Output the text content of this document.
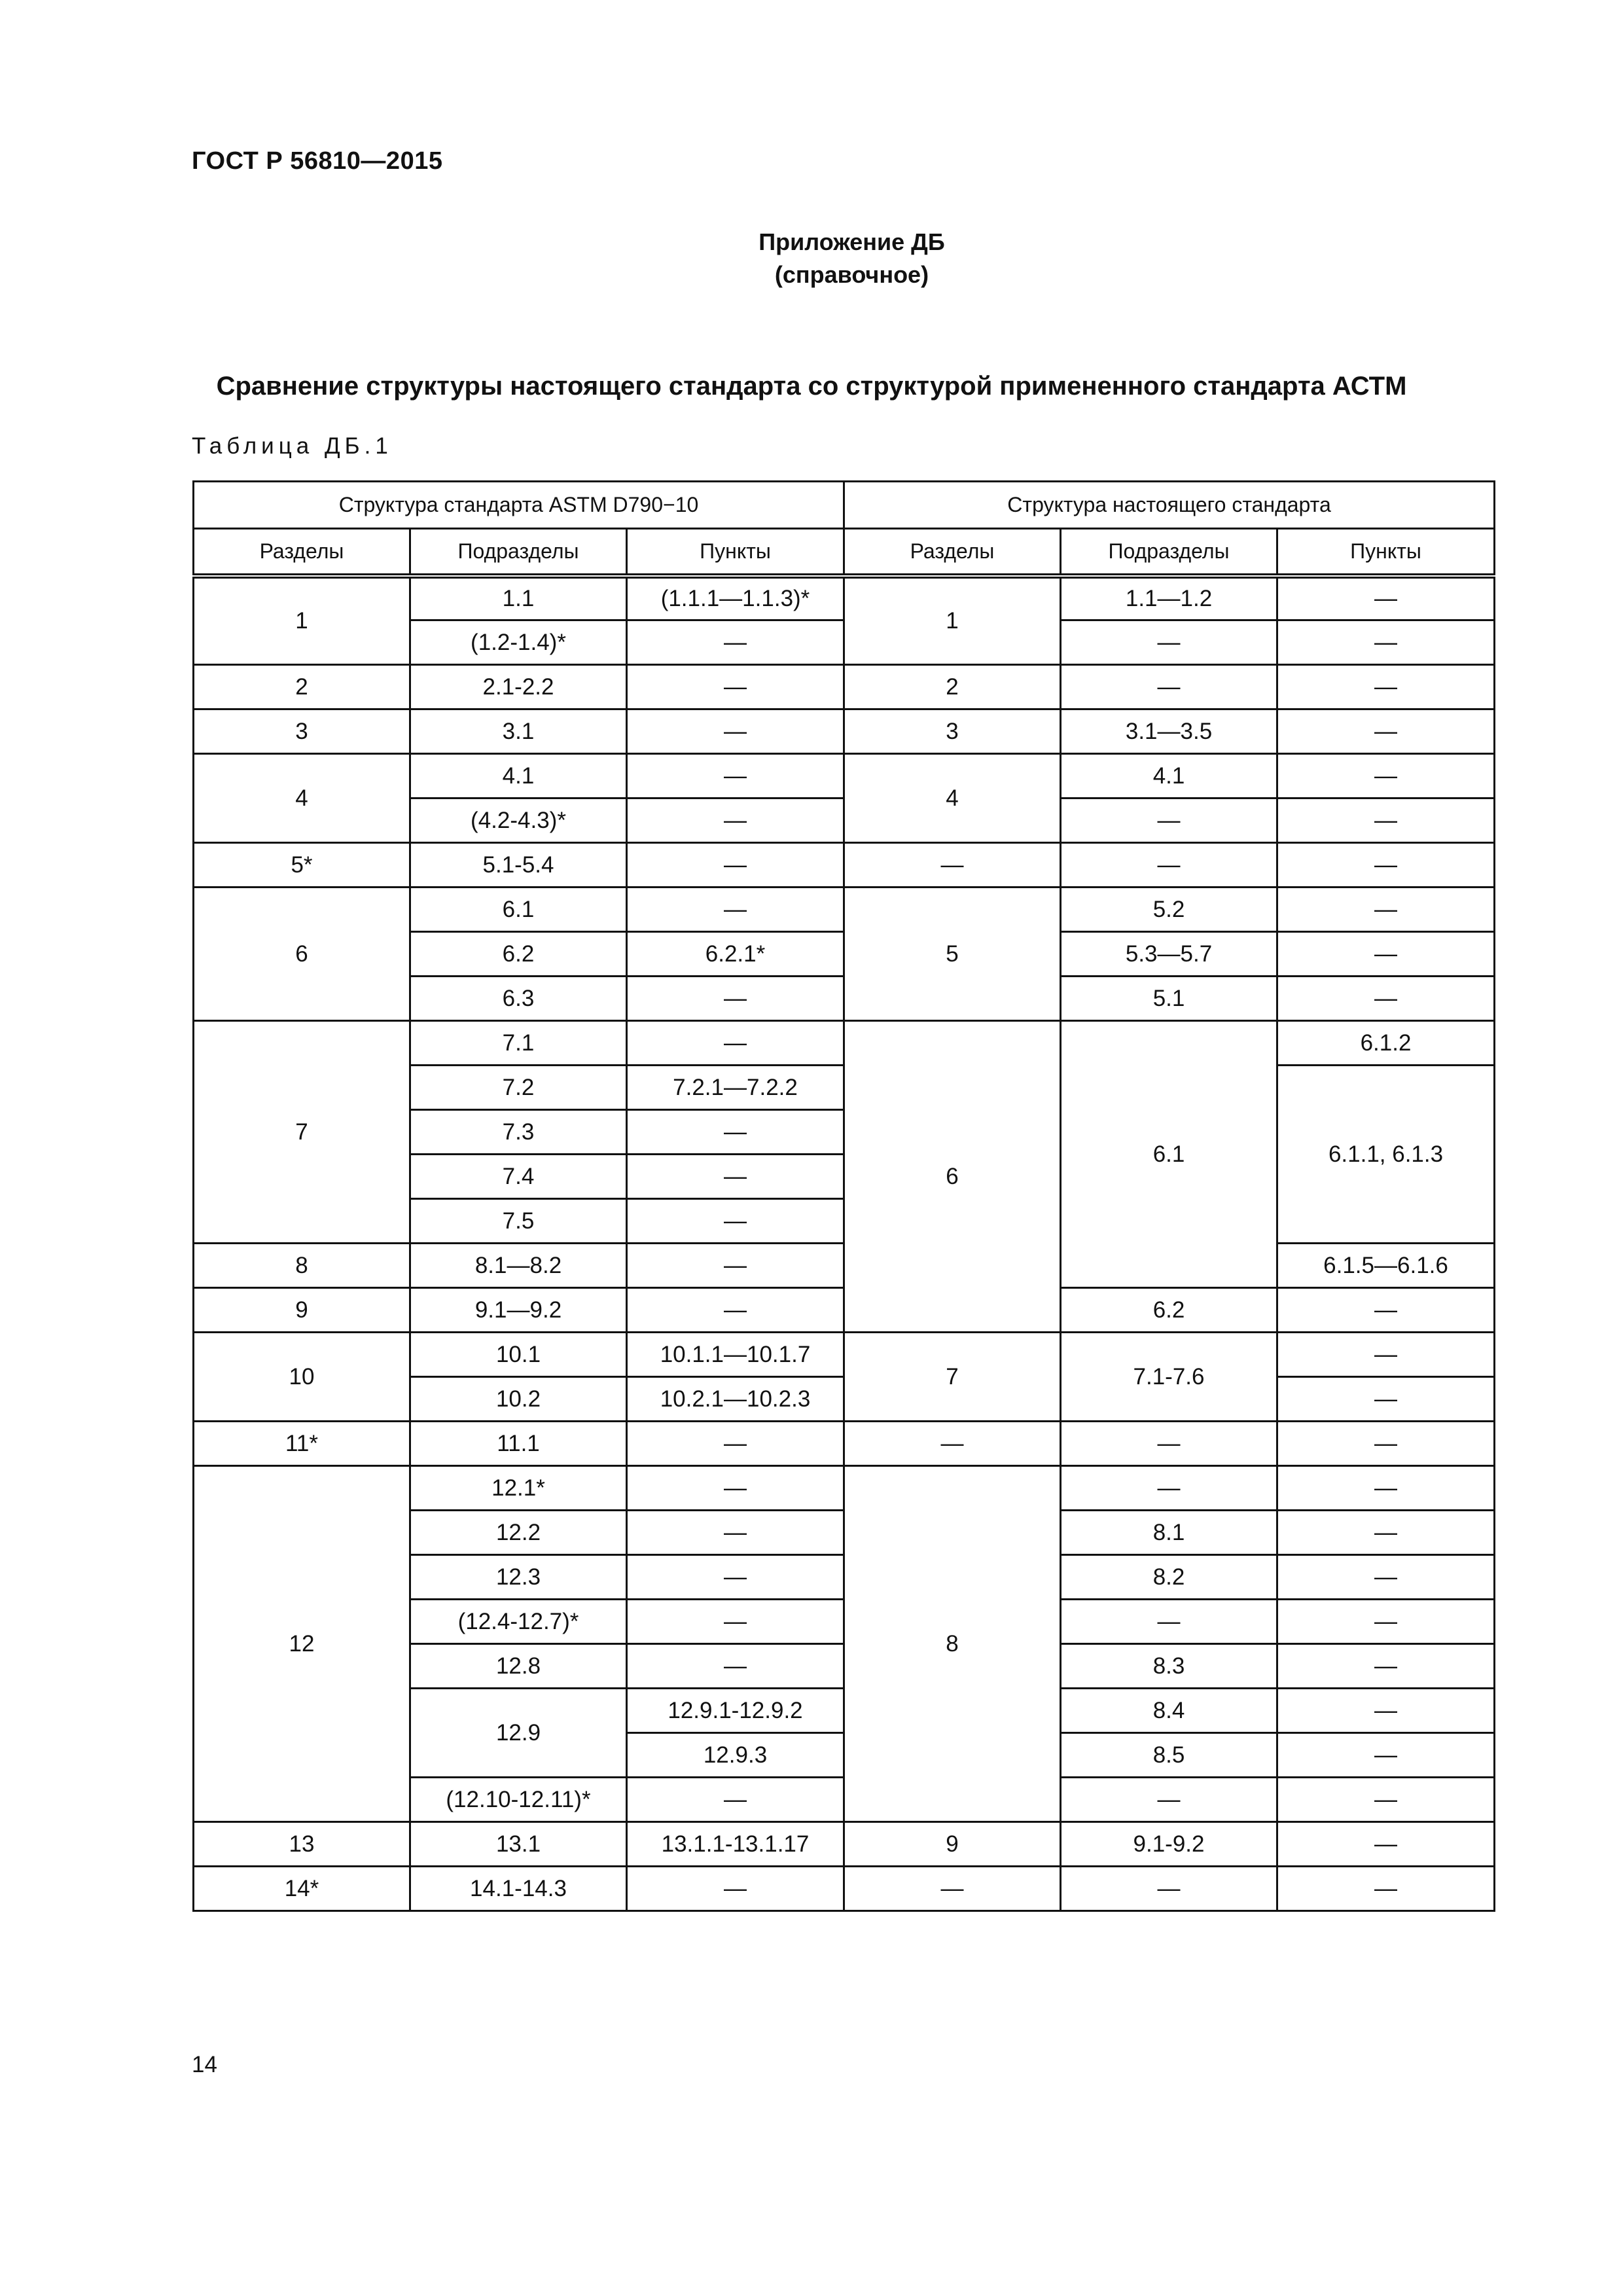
ГОСТ Р 56810—2015
Приложение ДБ
(справочное)
Сравнение структуры настоящего стандарта со структурой примененного стандарта АСТМ
Таблица ДБ.1
Структура стандарта ASTM D790−10			Структура настоящего стандарта		
Разделы	Подразделы	Пункты	Разделы	Подразделы	Пункты
1	1.1	(1.1.1—1.1.3)*	1	1.1—1.2	—
	(1.2-1.4)*	—		—	—
2	2.1-2.2	—	2	—	—
3	3.1	—	3	3.1—3.5	—
4	4.1	—	4	4.1	—
	(4.2-4.3)*	—		—	—
5*	5.1-5.4	—	—	—	—
6	6.1	—	5	5.2	—
	6.2	6.2.1*		5.3—5.7	—
	6.3	—		5.1	—
7	7.1	—	6	6.1	6.1.2
	7.2	7.2.1—7.2.2			6.1.1, 6.1.3
	7.3	—			
	7.4	—			
	7.5	—			
8	8.1—8.2	—			6.1.5—6.1.6
9	9.1—9.2	—		6.2	—
10	10.1	10.1.1—10.1.7	7	7.1-7.6	—
	10.2	10.2.1—10.2.3			—
11*	11.1	—	—	—	—
12	12.1*	—	8	—	—
	12.2	—		8.1	—
	12.3	—		8.2	—
	(12.4-12.7)*	—		—	—
	12.8	—		8.3	—
	12.9	12.9.1-12.9.2		8.4	—
		12.9.3		8.5	—
	(12.10-12.11)*	—		—	—
13	13.1	13.1.1-13.1.17	9	9.1-9.2	—
14*	14.1-14.3	—	—	—	—
14
